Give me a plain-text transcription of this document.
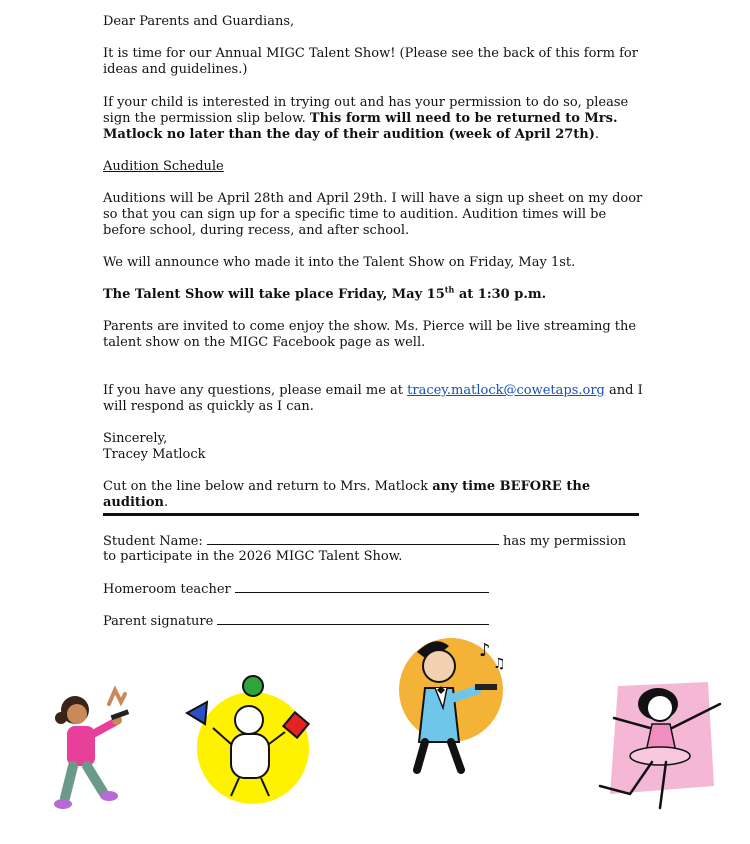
Dear Parents and Guardians,

It is time for our Annual MIGC Talent Show! (Please see the back of this form for ideas and guidelines.)

If your child is interested in trying out and has your permission to do so, please sign the permission slip below. This form will need to be returned to Mrs. Matlock no later than the day of their audition (week of April 27th).

Audition Schedule

Auditions will be April 28th and April 29th. I will have a sign up sheet on my door so that you can sign up for a specific time to audition. Audition times will be before school, during recess, and after school.

We will announce who made it into the Talent Show on Friday, May 1st.

The Talent Show will take place Friday, May 15th at 1:30 p.m.

Parents are invited to come enjoy the show. Ms. Pierce will be live streaming the talent show on the MIGC Facebook page as well.

If you have any questions, please email me at tracey.matlock@cowetaps.org and I will respond as quickly as I can.

Sincerely,

Tracey Matlock

Cut on the line below and return to Mrs. Matlock any time BEFORE the audition.

Student Name:	has my permission

to participate in the 2026 MIGC Talent Show.

Homeroom teacher

Parent signature

♪
♫
